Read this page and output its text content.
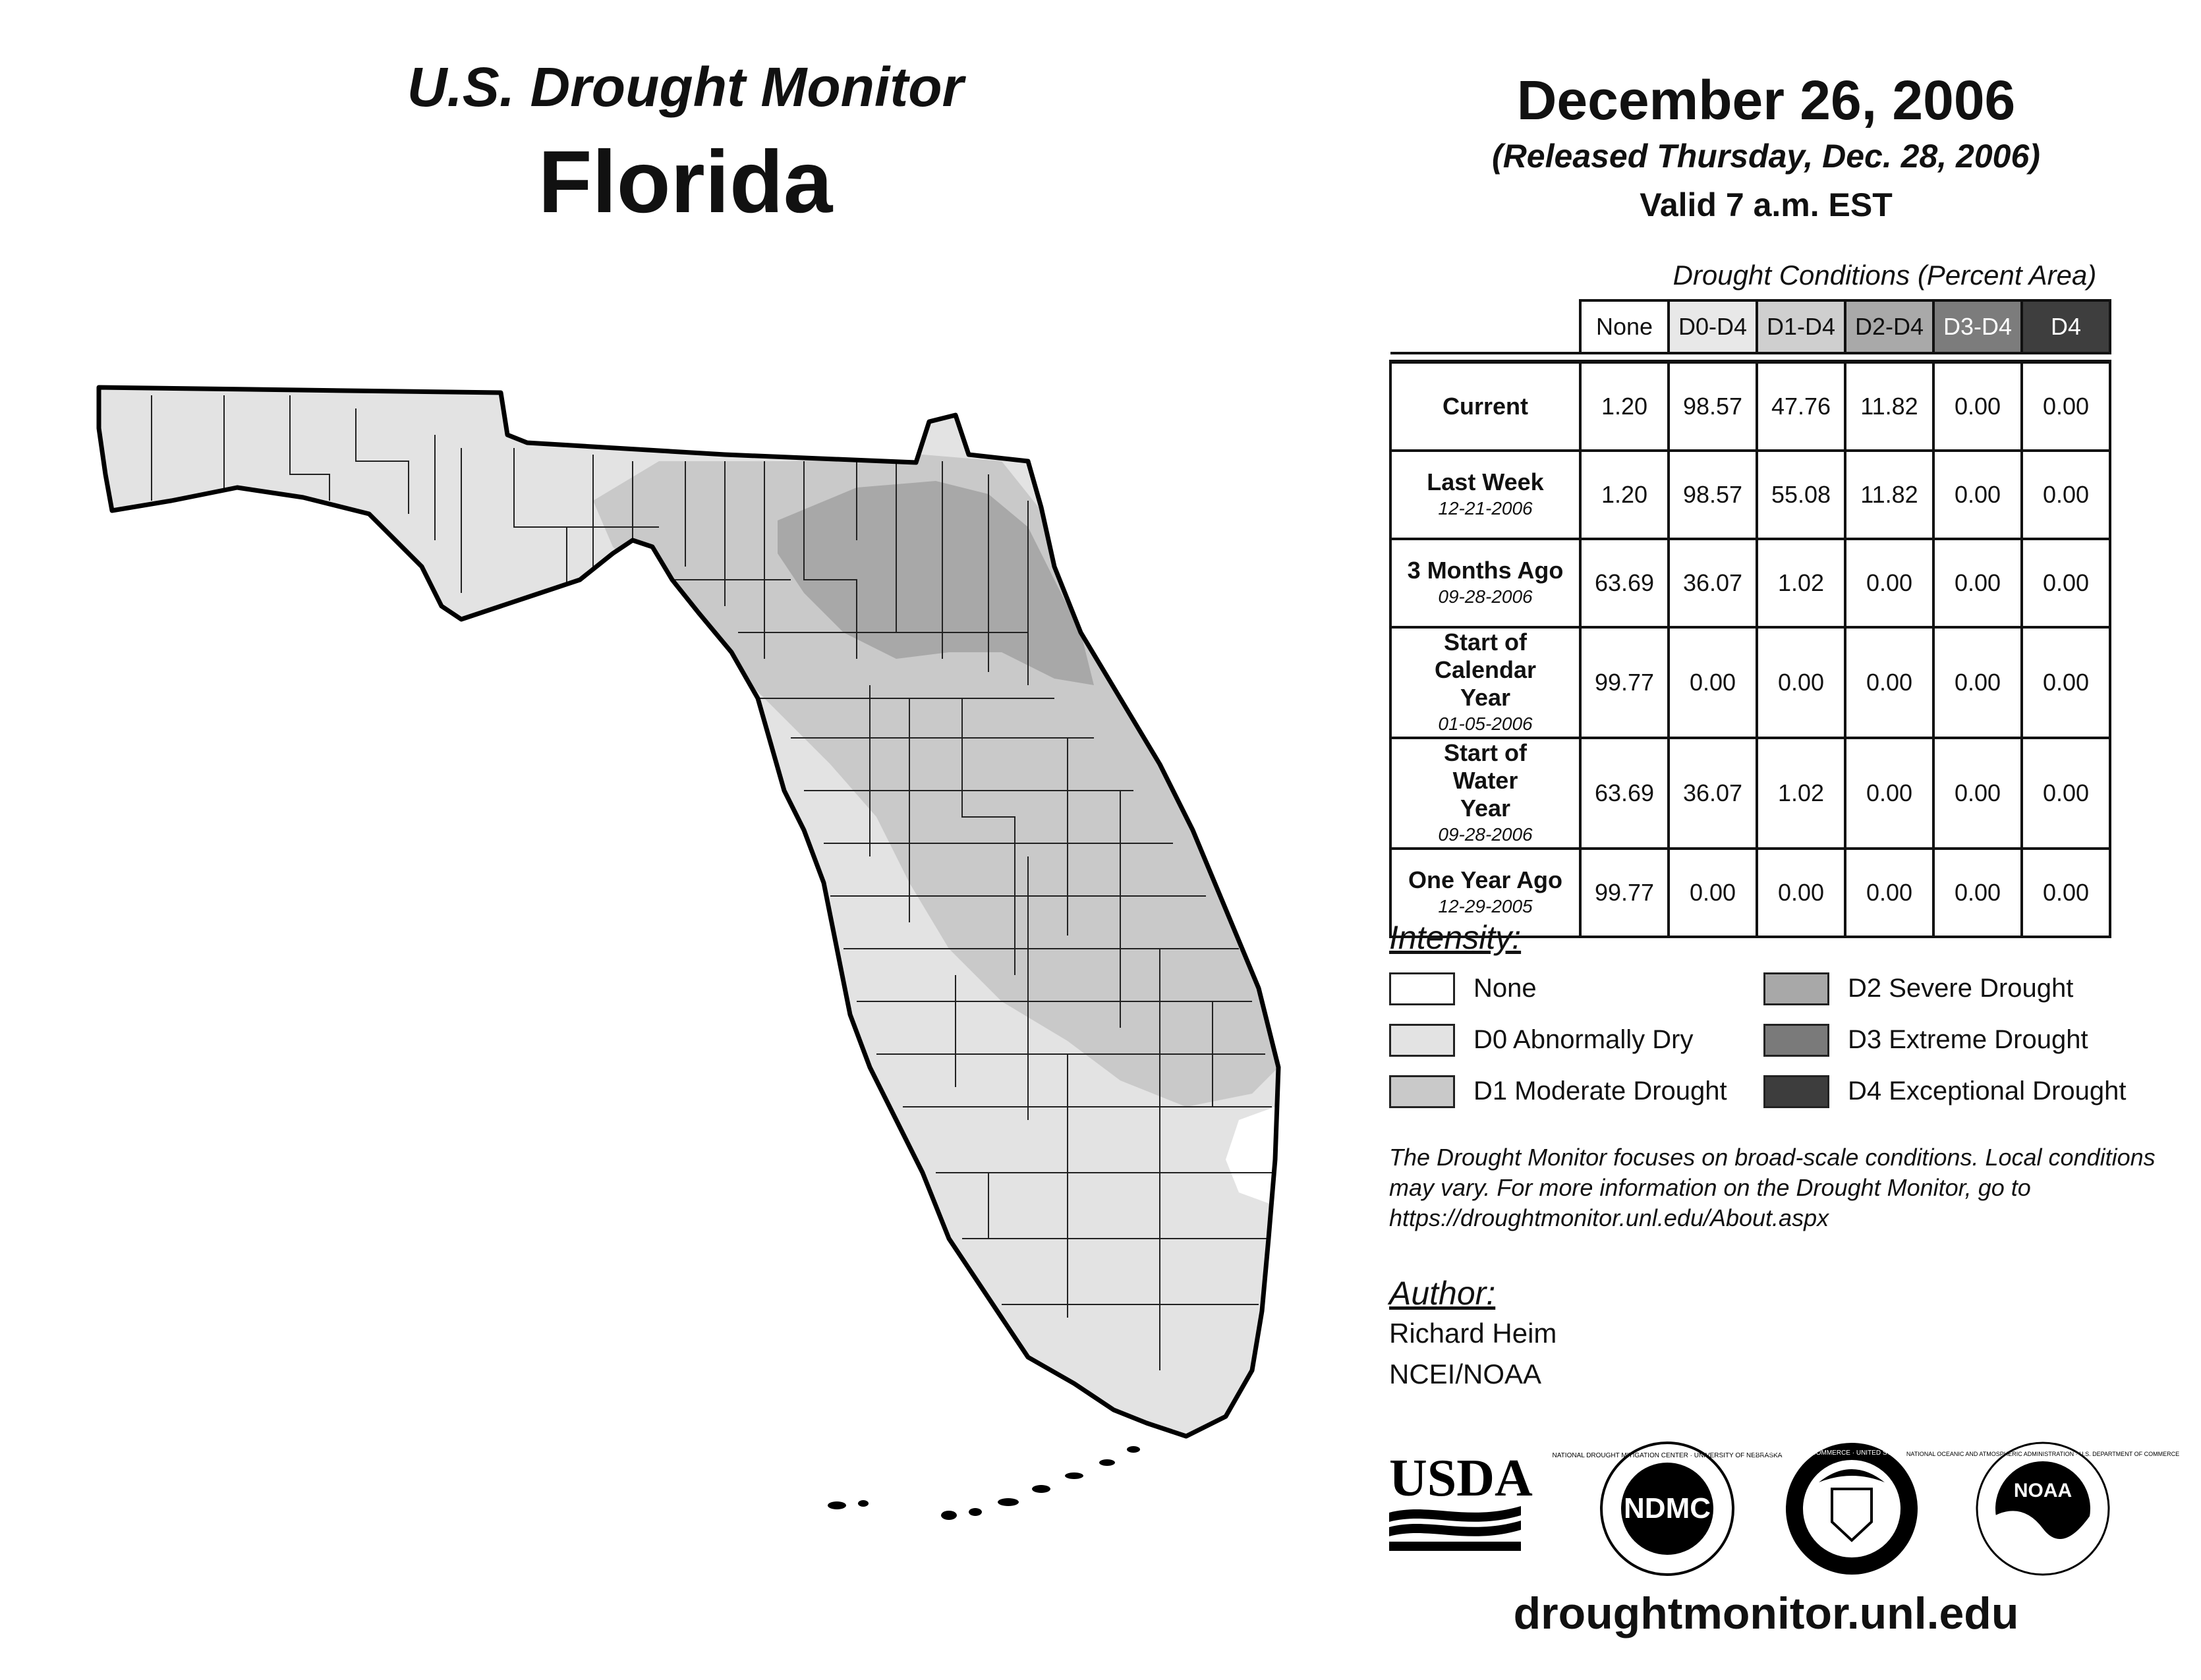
U.S. Drought Monitor
Florida
December 26, 2006
(Released Thursday, Dec. 28, 2006)
Valid 7 a.m. EST
Drought Conditions (Percent Area)
	None	D0-D4	D1-D4	D2-D4	D3-D4	D4

Current	1.20	98.57	47.76	11.82	0.00	0.00

Last Week
12-21-2006	1.20	98.57	55.08	11.82	0.00	0.00

3 Months Ago
09-28-2006	63.69	36.07	1.02	0.00	0.00	0.00

Start of Calendar Year
01-05-2006	99.77	0.00	0.00	0.00	0.00	0.00

Start of Water Year
09-28-2006	63.69	36.07	1.02	0.00	0.00	0.00

One Year Ago
12-29-2005	99.77	0.00	0.00	0.00	0.00	0.00
Intensity:
None
D0 Abnormally Dry
D1 Moderate Drought
D2 Severe Drought
D3 Extreme Drought
D4 Exceptional Drought
The Drought Monitor focuses on broad-scale conditions. Local conditions may vary. For more information on the Drought Monitor, go to https://droughtmonitor.unl.edu/About.aspx
Author:
Richard Heim
NCEI/NOAA
USDA
NDMC
NATIONAL DROUGHT MITIGATION CENTER · UNIVERSITY OF NEBRASKA
DEPARTMENT OF COMMERCE · UNITED STATES OF AMERICA
NOAA
NATIONAL OCEANIC AND ATMOSPHERIC ADMINISTRATION · U.S. DEPARTMENT OF COMMERCE
droughtmonitor.unl.edu
